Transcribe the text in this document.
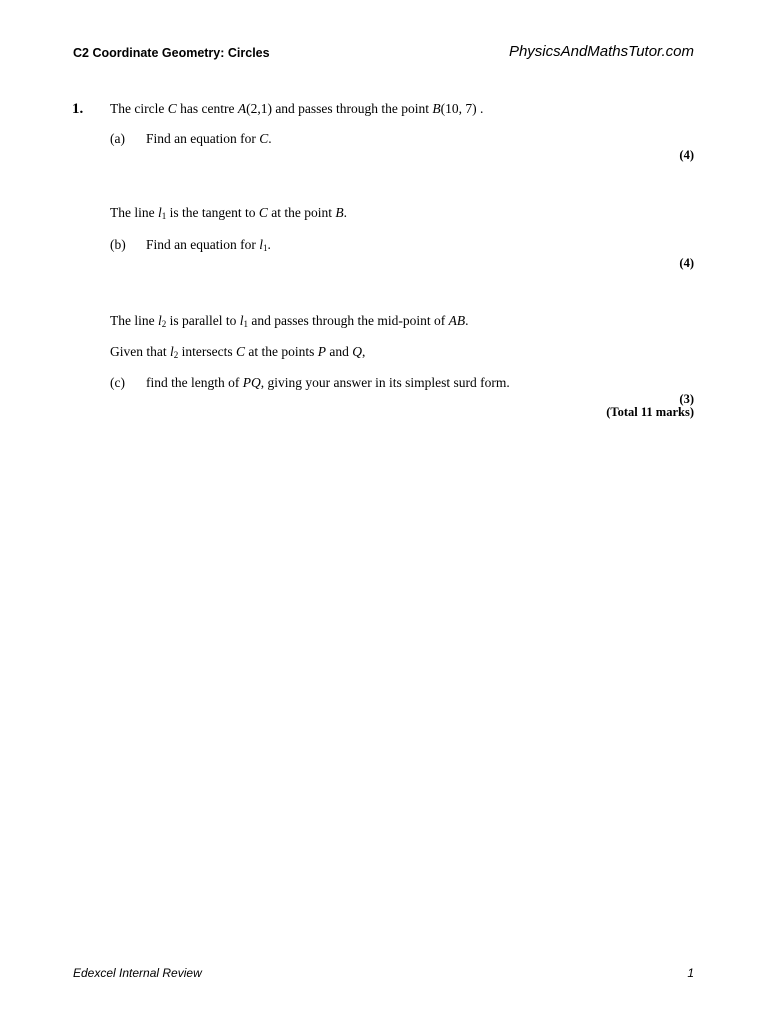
C2 Coordinate Geometry: Circles	PhysicsAndMathsTutor.com
1. The circle C has centre A(2,1) and passes through the point B(10, 7) .
(a) Find an equation for C.
(4)
The line $l_1$ is the tangent to C at the point B.
(b) Find an equation for $l_1$.
(4)
The line $l_2$ is parallel to $l_1$ and passes through the mid-point of AB.
Given that $l_2$ intersects C at the points P and Q,
(c) find the length of PQ, giving your answer in its simplest surd form.
(3)
(Total 11 marks)
Edexcel Internal Review	1
